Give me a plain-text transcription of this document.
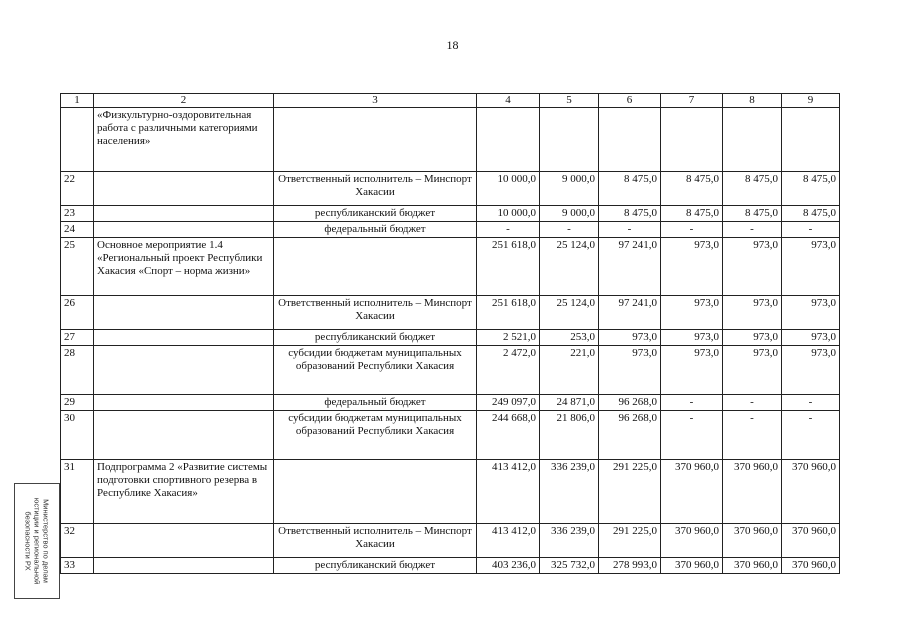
18
1	2	3	4	5	6	7	8	9
	«Физкультурно-оздоровительная работа с различными категориями населения»							
22		Ответственный исполнитель – Минспорт Хакасии	10 000,0	9 000,0	8 475,0	8 475,0	8 475,0	8 475,0
23		республиканский бюджет	10 000,0	9 000,0	8 475,0	8 475,0	8 475,0	8 475,0
24		федеральный бюджет	-	-	-	-	-	-
25	Основное мероприятие 1.4 «Региональный проект Республики Хакасия «Спорт – норма жизни»		251 618,0	25 124,0	97 241,0	973,0	973,0	973,0
26		Ответственный исполнитель – Минспорт Хакасии	251 618,0	25 124,0	97 241,0	973,0	973,0	973,0
27		республиканский бюджет	2 521,0	253,0	973,0	973,0	973,0	973,0
28		субсидии бюджетам муниципальных образований Республики Хакасия	2 472,0	221,0	973,0	973,0	973,0	973,0
29		федеральный бюджет	249 097,0	24 871,0	96 268,0	-	-	-
30		субсидии бюджетам муниципальных образований Республики Хакасия	244 668,0	21 806,0	96 268,0	-	-	-
31	Подпрограмма 2 «Развитие системы подготовки спортивного резерва в Республике Хакасия»		413 412,0	336 239,0	291 225,0	370 960,0	370 960,0	370 960,0
32		Ответственный исполнитель – Минспорт Хакасии	413 412,0	336 239,0	291 225,0	370 960,0	370 960,0	370 960,0
33		республиканский бюджет	403 236,0	325 732,0	278 993,0	370 960,0	370 960,0	370 960,0
Министерство по делам юстиции и региональной безопасности РХ
